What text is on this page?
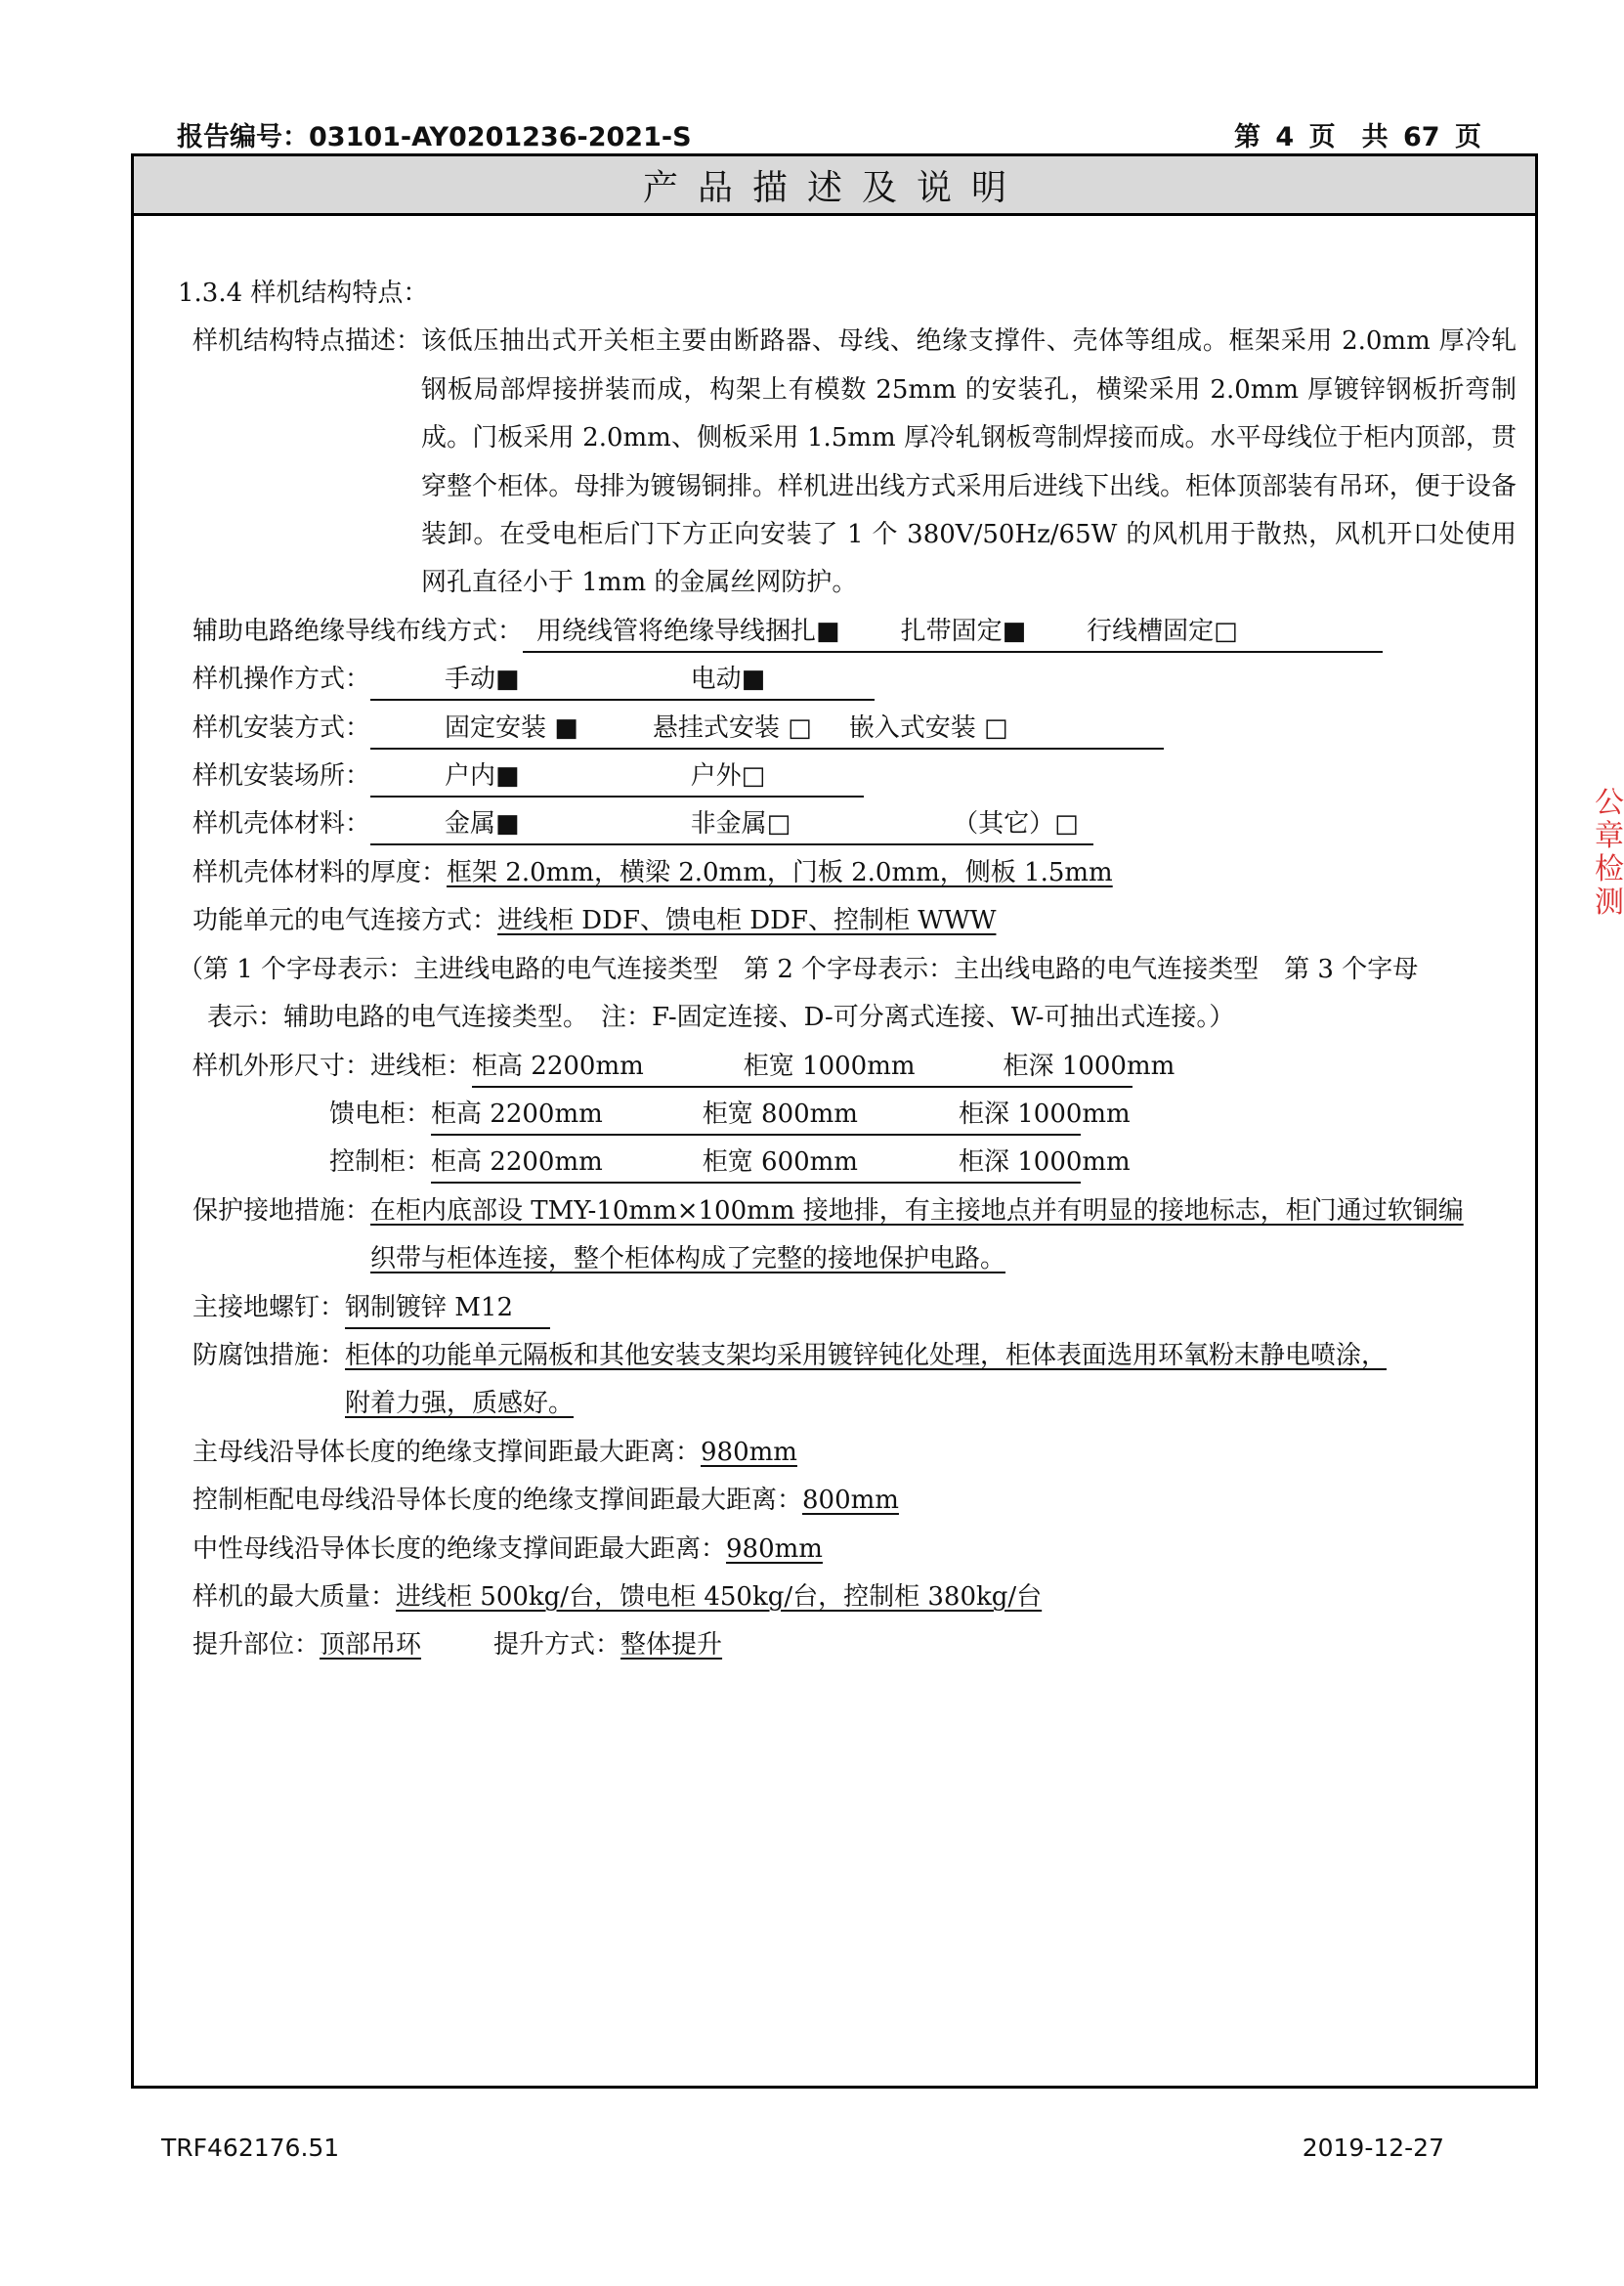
报告编号：03101-AY0201236-2021-S	第 4 页　共 67 页
产品描述及说明
1.3.4 样机结构特点：
样机结构特点描述： 该低压抽出式开关柜主要由断路器、母线、绝缘支撑件、壳体等组成。框架采用 2.0mm 厚冷轧钢板局部焊接拼装而成，构架上有模数 25mm 的安装孔，横梁采用 2.0mm 厚镀锌钢板折弯制成。门板采用 2.0mm、侧板采用 1.5mm 厚冷轧钢板弯制焊接而成。水平母线位于柜内顶部，贯穿整个柜体。母排为镀锡铜排。样机进出线方式采用后进线下出线。柜体顶部装有吊环，便于设备装卸。在受电柜后门下方正向安装了 1 个 380V/50Hz/65W 的风机用于散热，风机开口处使用网孔直径小于 1mm 的金属丝网防护。
辅助电路绝缘导线布线方式： 用绕线管将绝缘导线捆扎■ 扎带固定■ 行线槽固定□
样机操作方式：	手动■	电动■
样机安装方式：	固定安装 ■	悬挂式安装 □ 嵌入式安装 □
样机安装场所：	户内■	户外□
样机壳体材料：	金属■	非金属□	（其它）□
样机壳体材料的厚度：框架 2.0mm，横梁 2.0mm，门板 2.0mm，侧板 1.5mm
功能单元的电气连接方式：进线柜 DDF、馈电柜 DDF、控制柜 WWW
（第 1 个字母表示：主进线电路的电气连接类型　第 2 个字母表示：主出线电路的电气连接类型　第 3 个字母
表示：辅助电路的电气连接类型。　注：F-固定连接、D-可分离式连接、W-可抽出式连接。）
样机外形尺寸：进线柜：柜高 2200mm	柜宽 1000mm	柜深 1000mm
馈电柜：柜高 2200mm	柜宽 800mm	柜深 1000mm
控制柜：柜高 2200mm	柜宽 600mm	柜深 1000mm
保护接地措施：在柜内底部设 TMY-10mm×100mm 接地排，有主接地点并有明显的接地标志，柜门通过软铜编
织带与柜体连接，整个柜体构成了完整的接地保护电路。
主接地螺钉：钢制镀锌 M12
防腐蚀措施：柜体的功能单元隔板和其他安装支架均采用镀锌钝化处理，柜体表面选用环氧粉末静电喷涂，
附着力强，质感好。
主母线沿导体长度的绝缘支撑间距最大距离：980mm
控制柜配电母线沿导体长度的绝缘支撑间距最大距离：800mm
中性母线沿导体长度的绝缘支撑间距最大距离：980mm
样机的最大质量：进线柜 500kg/台，馈电柜 450kg/台，控制柜 380kg/台
提升部位：顶部吊环	提升方式：整体提升
公 章 检 测
TRF462176.51	2019-12-27
